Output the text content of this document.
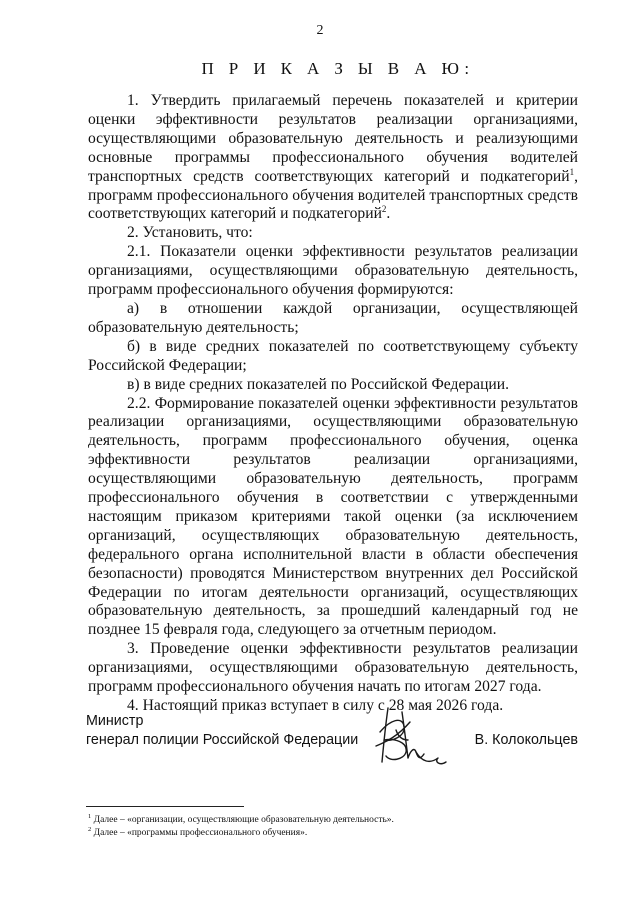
2
П Р И К А З Ы В А Ю:

1. Утвердить прилагаемый перечень показателей и критерии оценки эффективности результатов реализации организациями, осуществляющими образовательную деятельность и реализующими основные программы профессионального обучения водителей транспортных средств соответствующих категорий и подкатегорий$^1$, программ профессионального обучения водителей транспортных средств соответствующих категорий и подкатегорий$^2$.

2. Установить, что:

2.1. Показатели оценки эффективности результатов реализации организациями, осуществляющими образовательную деятельность, программ профессионального обучения формируются:

а) в отношении каждой организации, осуществляющей образовательную деятельность;

б) в виде средних показателей по соответствующему субъекту Российской Федерации;

в) в виде средних показателей по Российской Федерации.

2.2. Формирование показателей оценки эффективности результатов реализации организациями, осуществляющими образовательную деятельность, программ профессионального обучения, оценка эффективности результатов реализации организациями, осуществляющими образовательную деятельность, программ профессионального обучения в соответствии с утвержденными настоящим приказом критериями такой оценки (за исключением организаций, осуществляющих образовательную деятельность, федерального органа исполнительной власти в области обеспечения безопасности) проводятся Министерством внутренних дел Российской Федерации по итогам деятельности организаций, осуществляющих образовательную деятельность, за прошедший календарный год не позднее 15 февраля года, следующего за отчетным периодом.

3. Проведение оценки эффективности результатов реализации организациями, осуществляющими образовательную деятельность, программ профессионального обучения начать по итогам 2027 года.

4. Настоящий приказ вступает в силу с 28 мая 2026 года.

Министр
генерал полиции Российской Федерации	В. Колокольцев
$^1$ Далее – «организации, осуществляющие образовательную деятельность».
$^2$ Далее – «программы профессионального обучения».
